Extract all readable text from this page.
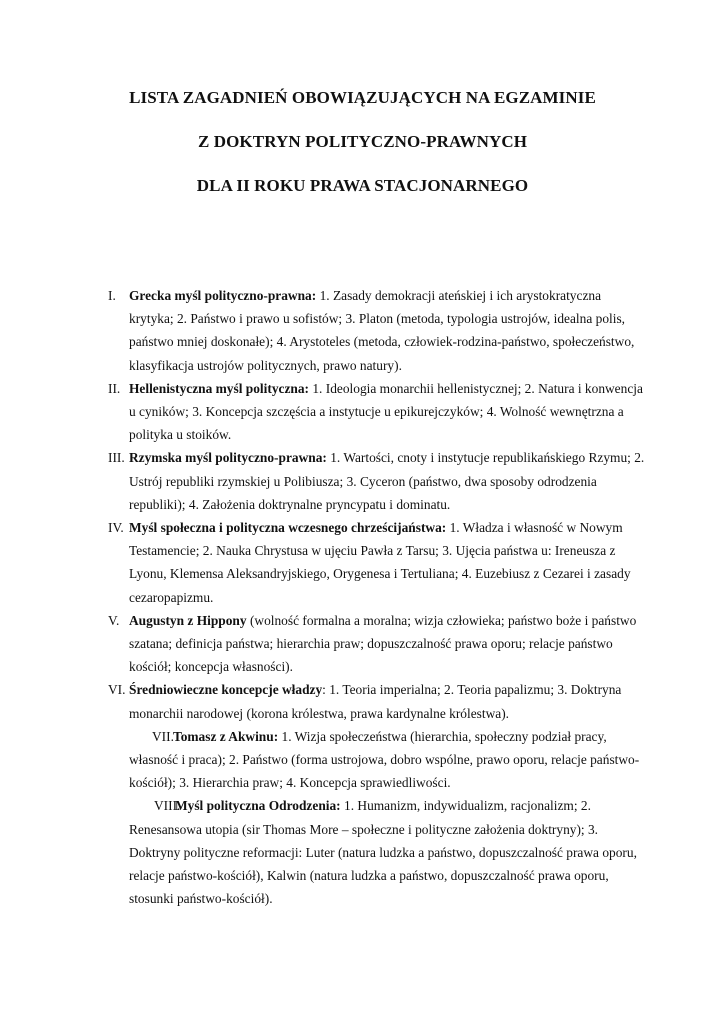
LISTA ZAGADNIEŃ OBOWIĄZUJĄCYCH NA EGZAMINIE
Z DOKTRYN POLITYCZNO-PRAWNYCH
DLA II ROKU PRAWA STACJONARNEGO
I. Grecka myśl polityczno-prawna: 1. Zasady demokracji ateńskiej i ich arystokratyczna krytyka; 2. Państwo i prawo u sofistów; 3. Platon (metoda, typologia ustrojów, idealna polis, państwo mniej doskonałe); 4. Arystoteles (metoda, człowiek-rodzina-państwo, społeczeństwo, klasyfikacja ustrojów politycznych, prawo natury).
II. Hellenistyczna myśl polityczna: 1. Ideologia monarchii hellenistycznej; 2. Natura i konwencja u cyników; 3. Koncepcja szczęścia a instytucje u epikurejczyków; 4. Wolność wewnętrzna a polityka u stoików.
III. Rzymska myśl polityczno-prawna: 1. Wartości, cnoty i instytucje republikańskiego Rzymu; 2. Ustrój republiki rzymskiej u Polibiusza; 3. Cyceron (państwo, dwa sposoby odrodzenia republiki); 4. Założenia doktrynalne pryncypatu i dominatu.
IV. Myśl społeczna i polityczna wczesnego chrześcijaństwa: 1. Władza i własność w Nowym Testamencie; 2. Nauka Chrystusa w ujęciu Pawła z Tarsu; 3. Ujęcia państwa u: Ireneusza z Lyonu, Klemensa Aleksandryjskiego, Orygenesa i Tertuliana; 4. Euzebiusz z Cezarei i zasady cezaropapizmu.
V. Augustyn z Hippony (wolność formalna a moralna; wizja człowieka; państwo boże i państwo szatana; definicja państwa; hierarchia praw; dopuszczalność prawa oporu; relacje państwo kościół; koncepcja własności).
VI. Średniowieczne koncepcje władzy: 1. Teoria imperialna; 2. Teoria papalizmu; 3. Doktryna monarchii narodowej (korona królestwa, prawa kardynalne królestwa).
VII. Tomasz z Akwinu: 1. Wizja społeczeństwa (hierarchia, społeczny podział pracy, własność i praca); 2. Państwo (forma ustrojowa, dobro wspólne, prawo oporu, relacje państwo-kościół); 3. Hierarchia praw; 4. Koncepcja sprawiedliwości.
VIII.
Myśl polityczna Odrodzenia: 1. Humanizm, indywidualizm, racjonalizm; 2. Renesansowa utopia (sir Thomas More – społeczne i polityczne założenia doktryny); 3. Doktryny polityczne reformacji: Luter (natura ludzka a państwo, dopuszczalność prawa oporu, relacje państwo-kościół), Kalwin (natura ludzka a państwo, dopuszczalność prawa oporu, stosunki państwo-kościół).
